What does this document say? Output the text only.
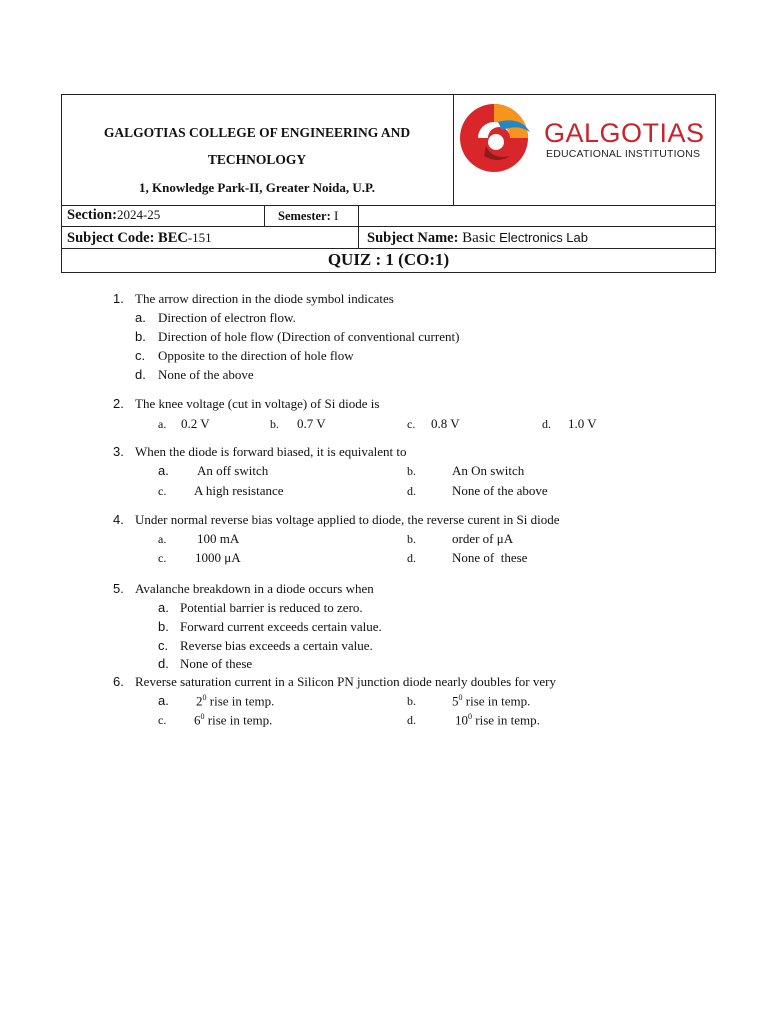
GALGOTIAS COLLEGE OF ENGINEERING AND
TECHNOLOGY
1, Knowledge Park-II, Greater Noida, U.P.
GALGOTIAS
EDUCATIONAL INSTITUTIONS
Section:2024-25	Semester: I
Subject Code: BEC-151	Subject Name: Basic Electronics Lab
QUIZ : 1 (CO:1)
1. The arrow direction in the diode symbol indicates
a. Direction of electron flow.
b. Direction of hole flow (Direction of conventional current)
c. Opposite to the direction of hole flow
d. None of the above
2. The knee voltage (cut in voltage) of Si diode is
a. 0.2 V	b. 0.7 V	c. 0.8 V	d. 1.0 V
3. When the diode is forward biased, it is equivalent to
a. An off switch	b.	An On switch
c. A high resistance	d.	None of the above
4. Under normal reverse bias voltage applied to diode, the reverse curent in Si diode
a. 100 mA	b.	order of μA
c. 1000 μA	d.	None of  these
5. Avalanche breakdown in a diode occurs when
a. Potential barrier is reduced to zero.
b. Forward current exceeds certain value.
c. Reverse bias exceeds a certain value.
d. None of these
6. Reverse saturation current in a Silicon PN junction diode nearly doubles for very
a. $2^0$ rise in temp.	b.	$5^0$ rise in temp.
c. $6^0$ rise in temp.	d.	$10^0$ rise in temp.
